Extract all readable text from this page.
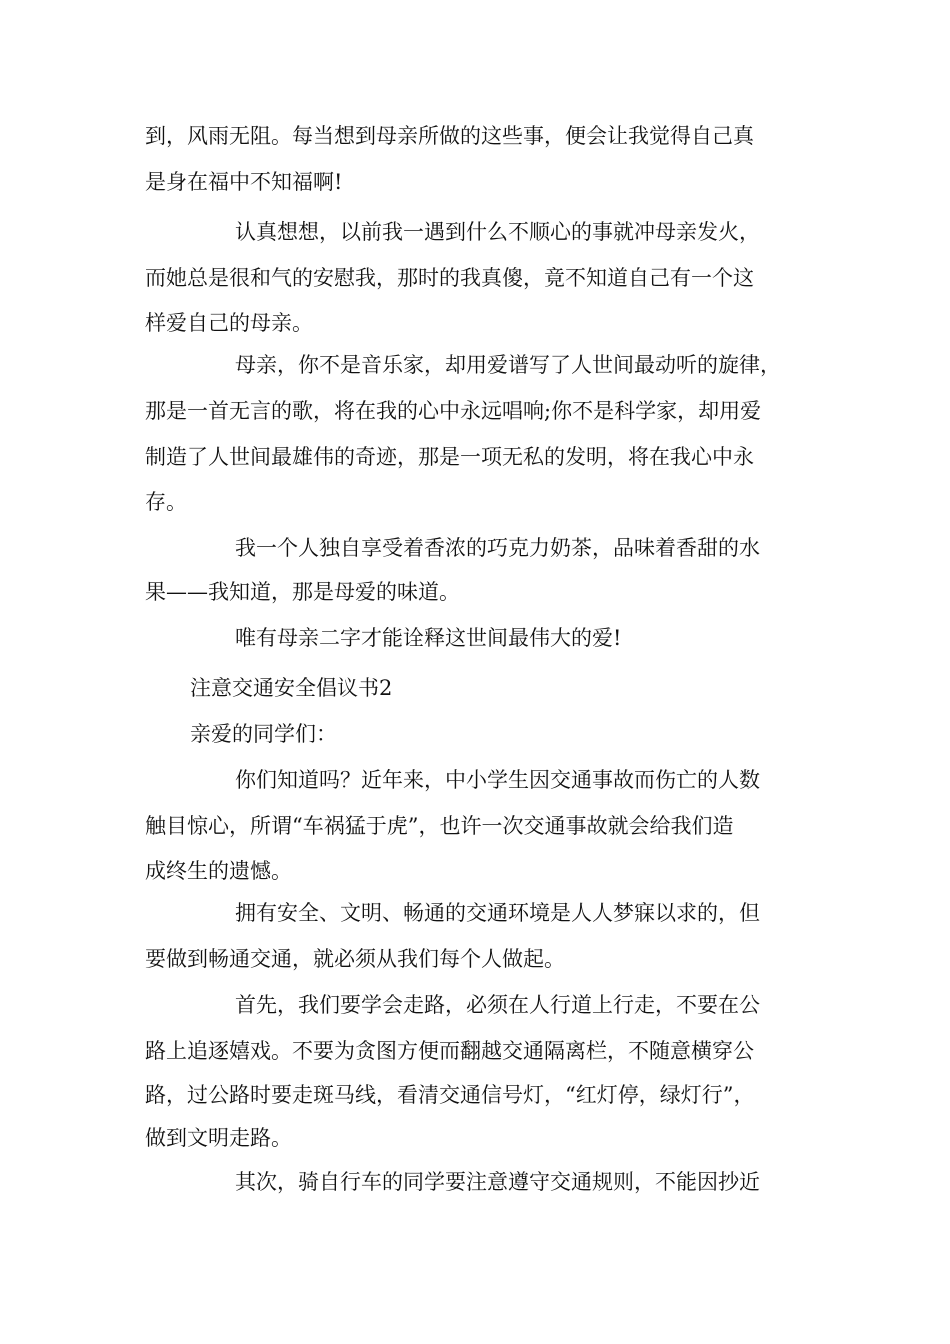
到，风雨无阻。每当想到母亲所做的这些事，便会让我觉得自己真
是身在福中不知福啊!
认真想想，以前我一遇到什么不顺心的事就冲母亲发火，
而她总是很和气的安慰我，那时的我真傻，竟不知道自己有一个这
样爱自己的母亲。
母亲，你不是音乐家，却用爱谱写了人世间最动听的旋律，
那是一首无言的歌，将在我的心中永远唱响;你不是科学家，却用爱
制造了人世间最雄伟的奇迹，那是一项无私的发明，将在我心中永
存。
我一个人独自享受着香浓的巧克力奶茶，品味着香甜的水
果——我知道，那是母爱的味道。
唯有母亲二字才能诠释这世间最伟大的爱!
注意交通安全倡议书2
亲爱的同学们：
你们知道吗？近年来，中小学生因交通事故而伤亡的人数
触目惊心，所谓“车祸猛于虎”，也许一次交通事故就会给我们造
成终生的遗憾。
拥有安全、文明、畅通的交通环境是人人梦寐以求的，但
要做到畅通交通，就必须从我们每个人做起。
首先，我们要学会走路，必须在人行道上行走，不要在公
路上追逐嬉戏。不要为贪图方便而翻越交通隔离栏，不随意横穿公
路，过公路时要走斑马线，看清交通信号灯，“红灯停，绿灯行”，
做到文明走路。
其次，骑自行车的同学要注意遵守交通规则，不能因抄近
